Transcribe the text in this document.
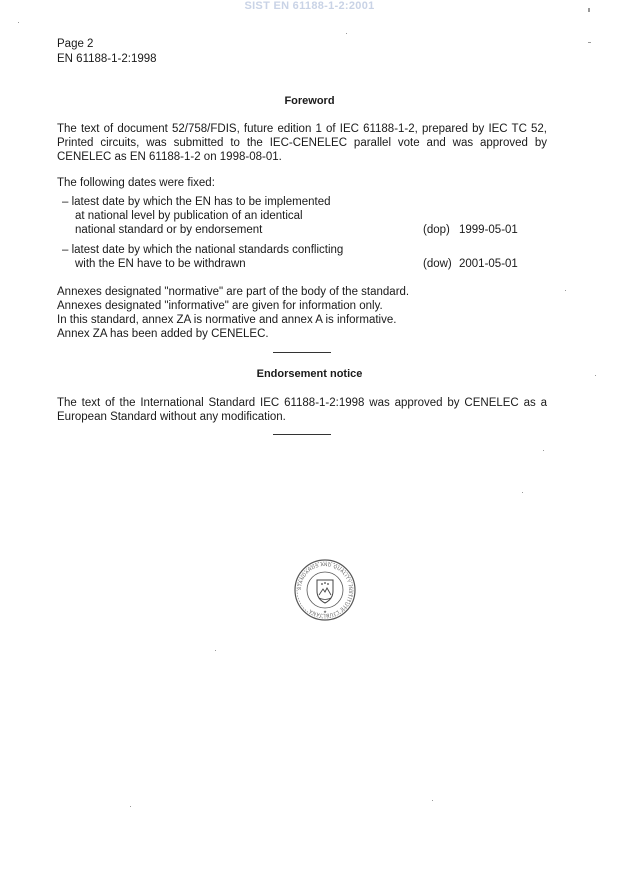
SIST EN 61188-1-2:2001
Page 2
EN 61188-1-2:1998
Foreword
The text of document 52/758/FDIS, future edition 1 of IEC 61188-1-2, prepared by IEC TC 52, Printed circuits, was submitted to the IEC-CENELEC parallel vote and was approved by CENELEC as EN 61188-1-2 on 1998-08-01.
The following dates were fixed:
– latest date by which the EN has to be implemented
at national level by publication of an identical
national standard or by endorsement	(dop) 1999-05-01
– latest date by which the national standards conflicting
with the EN have to be withdrawn	(dow) 2001-05-01
Annexes designated "normative" are part of the body of the standard.
Annexes designated "informative" are given for information only.
In this standard, annex ZA is normative and annex A is informative.
Annex ZA has been added by CENELEC.
Endorsement notice
The text of the International Standard IEC 61188-1-2:1998 was approved by CENELEC as a European Standard without any modification.
STANDARDS AND QUALITY INSTITUTE LJUBLJANA	★
